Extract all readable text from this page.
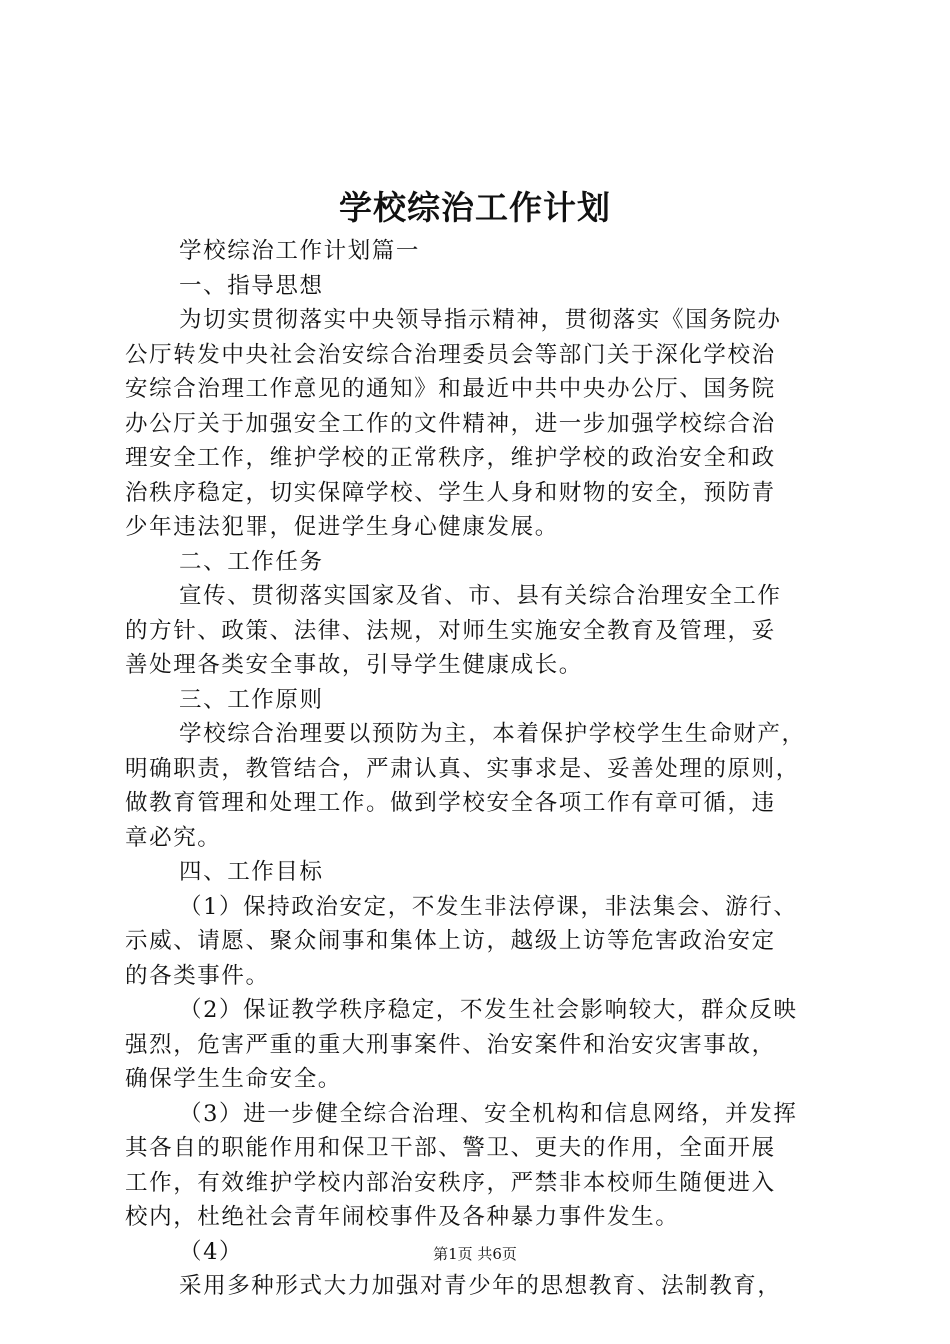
学校综治工作计划
学校综治工作计划篇一
一、指导思想
为切实贯彻落实中央领导指示精神，贯彻落实《国务院办
公厅转发中央社会治安综合治理委员会等部门关于深化学校治
安综合治理工作意见的通知》和最近中共中央办公厅、国务院
办公厅关于加强安全工作的文件精神，进一步加强学校综合治
理安全工作，维护学校的正常秩序，维护学校的政治安全和政
治秩序稳定，切实保障学校、学生人身和财物的安全，预防青
少年违法犯罪，促进学生身心健康发展。
二、工作任务
宣传、贯彻落实国家及省、市、县有关综合治理安全工作
的方针、政策、法律、法规，对师生实施安全教育及管理，妥
善处理各类安全事故，引导学生健康成长。
三、工作原则
学校综合治理要以预防为主，本着保护学校学生生命财产，
明确职责，教管结合，严肃认真、实事求是、妥善处理的原则，
做教育管理和处理工作。做到学校安全各项工作有章可循，违
章必究。
四、工作目标
（1）保持政治安定，不发生非法停课，非法集会、游行、
示威、请愿、聚众闹事和集体上访，越级上访等危害政治安定
的各类事件。
（2）保证教学秩序稳定，不发生社会影响较大，群众反映
强烈，危害严重的重大刑事案件、治安案件和治安灾害事故，
确保学生生命安全。
（3）进一步健全综合治理、安全机构和信息网络，并发挥
其各自的职能作用和保卫干部、警卫、更夫的作用，全面开展
工作，有效维护学校内部治安秩序，严禁非本校师生随便进入
校内，杜绝社会青年闹校事件及各种暴力事件发生。
（4）
采用多种形式大力加强对青少年的思想教育、法制教育，
第1页 共6页
